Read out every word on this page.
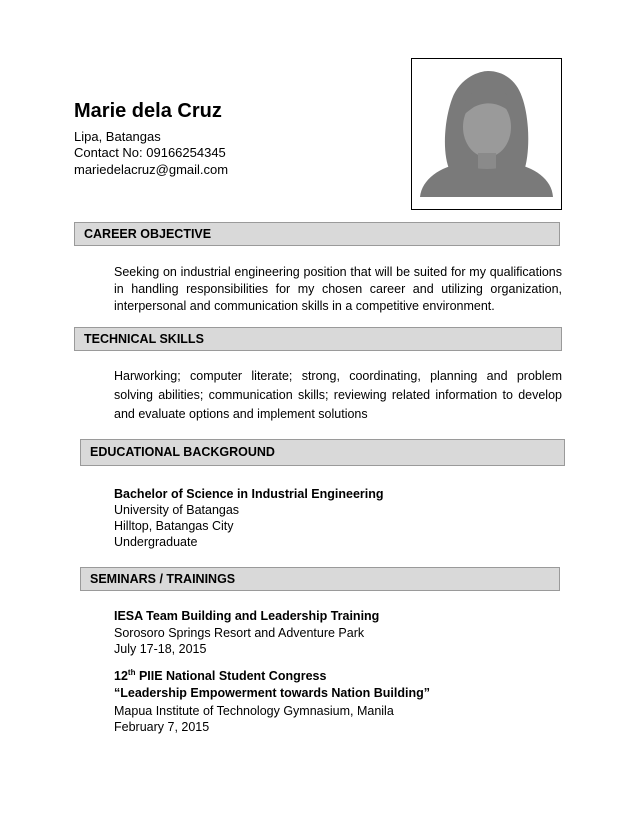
Marie dela Cruz
Lipa, Batangas
Contact No: 09166254345
mariedelacruz@gmail.com
CAREER OBJECTIVE
Seeking on industrial engineering position that will be suited for my qualifications in handling responsibilities for my chosen career and utilizing organization, interpersonal and communication skills in a competitive environment.
TECHNICAL SKILLS
Harworking; computer literate; strong, coordinating, planning and problem solving abilities; communication skills; reviewing related information to develop and evaluate options and implement solutions
EDUCATIONAL BACKGROUND
Bachelor of Science in Industrial Engineering
University of Batangas
Hilltop, Batangas City
Undergraduate
SEMINARS / TRAININGS
IESA Team Building and Leadership Training
Sorosoro Springs Resort and Adventure Park
July 17-18, 2015
12th PIIE National Student Congress
“Leadership Empowerment towards Nation Building”
Mapua Institute of Technology Gymnasium, Manila
February 7, 2015
